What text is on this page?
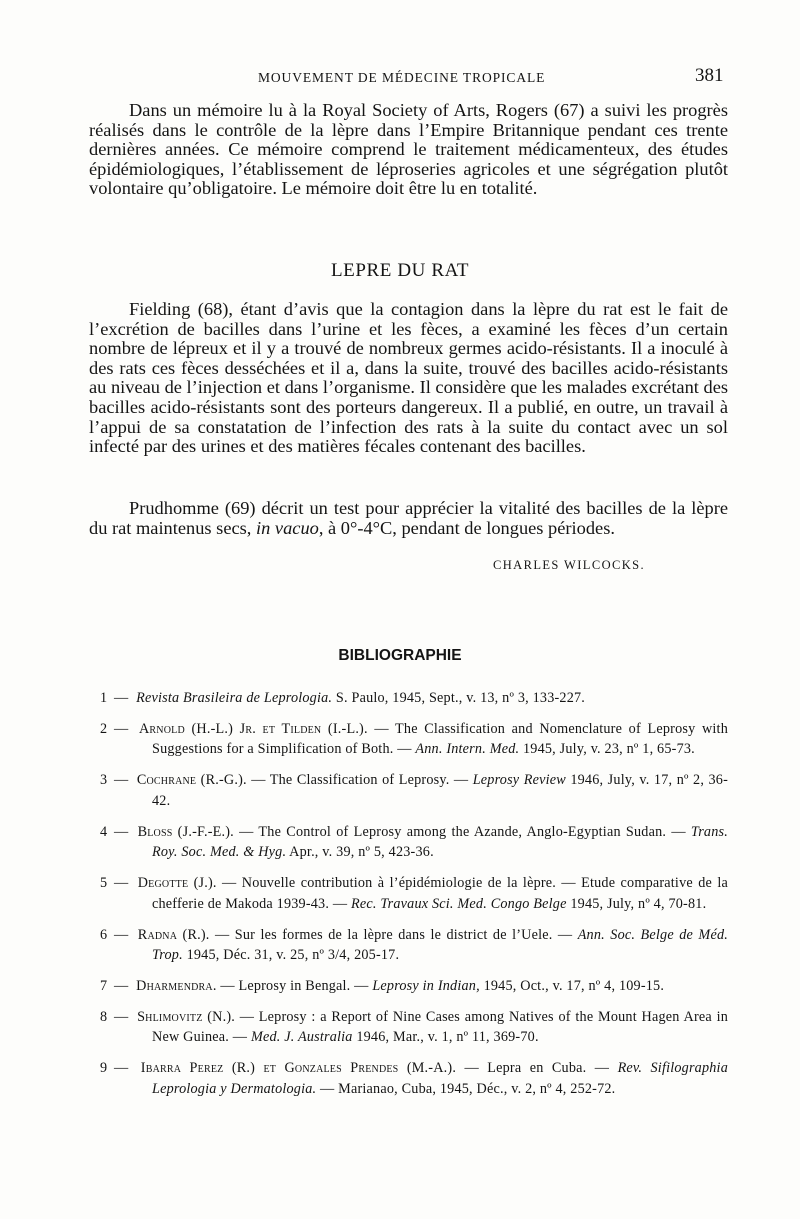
MOUVEMENT DE MÉDECINE TROPICALE	381

Dans un mémoire lu à la Royal Society of Arts, Rogers (67) a suivi les progrès réalisés dans le contrôle de la lèpre dans l’Empire Britannique pendant ces trente dernières années. Ce mémoire comprend le traitement médicamenteux, des études épidémiologiques, l’établissement de léproseries agricoles et une ségrégation plutôt volontaire qu’obligatoire. Le mémoire doit être lu en totalité.

LEPRE DU RAT

Fielding (68), étant d’avis que la contagion dans la lèpre du rat est le fait de l’excrétion de bacilles dans l’urine et les fèces, a examiné les fèces d’un certain nombre de lépreux et il y a trouvé de nombreux germes acido-résistants. Il a inoculé à des rats ces fèces desséchées et il a, dans la suite, trouvé des bacilles acido-résistants au niveau de l’injection et dans l’organisme. Il considère que les malades excrétant des bacilles acido-résistants sont des porteurs dangereux. Il a publié, en outre, un travail à l’appui de sa constatation de l’infection des rats à la suite du contact avec un sol infecté par des urines et des matières fécales contenant des bacilles.

Prudhomme (69) décrit un test pour apprécier la vitalité des bacilles de la lèpre du rat maintenus secs, in vacuo, à 0°-4°C, pendant de longues périodes.

CHARLES WILCOCKS.
BIBLIOGRAPHIE
1 — Revista Brasileira de Leprologia. S. Paulo, 1945, Sept., v. 13, nº 3, 133-227.
2 — Arnold (H.-L.) Jr. et Tilden (I.-L.). — The Classification and Nomenclature of Leprosy with Suggestions for a Simplification of Both. — Ann. Intern. Med. 1945, July, v. 23, nº 1, 65-73.
3 — Cochrane (R.-G.). — The Classification of Leprosy. — Leprosy Review 1946, July, v. 17, nº 2, 36-42.
4 — Bloss (J.-F.-E.). — The Control of Leprosy among the Azande, Anglo-Egyptian Sudan. — Trans. Roy. Soc. Med. & Hyg. Apr., v. 39, nº 5, 423-36.
5 — Degotte (J.). — Nouvelle contribution à l’épidémiologie de la lèpre. — Etude comparative de la chefferie de Makoda 1939-43. — Rec. Travaux Sci. Med. Congo Belge 1945, July, nº 4, 70-81.
6 — Radna (R.). — Sur les formes de la lèpre dans le district de l’Uele. — Ann. Soc. Belge de Méd. Trop. 1945, Déc. 31, v. 25, nº 3/4, 205-17.
7 — Dharmendra. — Leprosy in Bengal. — Leprosy in Indian, 1945, Oct., v. 17, nº 4, 109-15.
8 — Shlimovitz (N.). — Leprosy : a Report of Nine Cases among Natives of the Mount Hagen Area in New Guinea. — Med. J. Australia 1946, Mar., v. 1, nº 11, 369-70.
9 — Ibarra Perez (R.) et Gonzales Prendes (M.-A.). — Lepra en Cuba. — Rev. Sifilographia Leprologia y Dermatologia. — Marianao, Cuba, 1945, Déc., v. 2, nº 4, 252-72.
